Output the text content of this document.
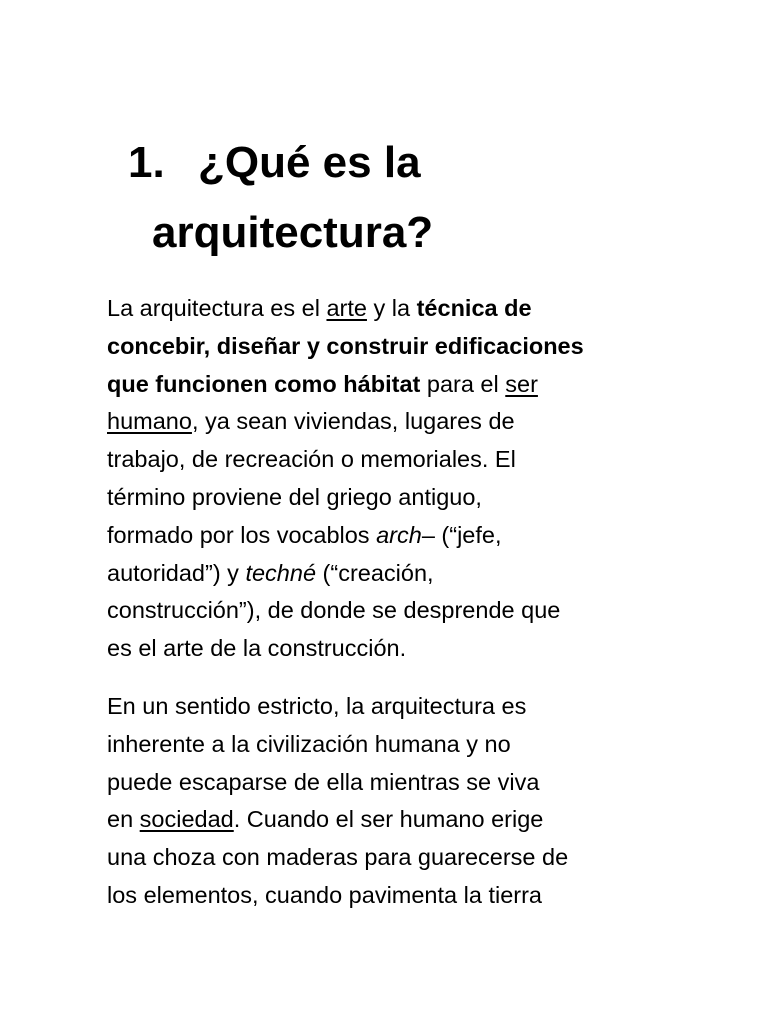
1. ¿Qué es la
arquitectura?
La arquitectura es el arte y la técnica de
concebir, diseñar y construir edificaciones
que funcionen como hábitat para el ser
humano, ya sean viviendas, lugares de
trabajo, de recreación o memoriales. El
término proviene del griego antiguo,
formado por los vocablos arch– (“jefe,
autoridad”) y techné (“creación,
construcción”), de donde se desprende que
es el arte de la construcción.
En un sentido estricto, la arquitectura es
inherente a la civilización humana y no
puede escaparse de ella mientras se viva
en sociedad. Cuando el ser humano erige
una choza con maderas para guarecerse de
los elementos, cuando pavimenta la tierra
